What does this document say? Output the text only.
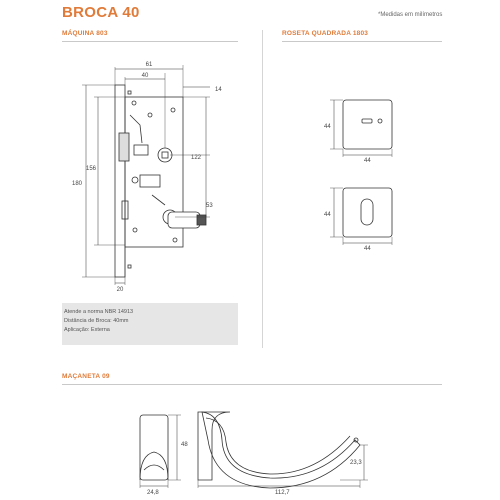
BROCA 40	*Medidas em milímetros
MÁQUINA 803	ROSETA QUADRADA 1803
MAÇANETA 09
Atende a norma NBR 14913
Distância de Broca: 40mm
Aplicação: Externa
61
40
14
180
156
122
53
20
44
44
44
44
48
24,8
23,3
112,7
